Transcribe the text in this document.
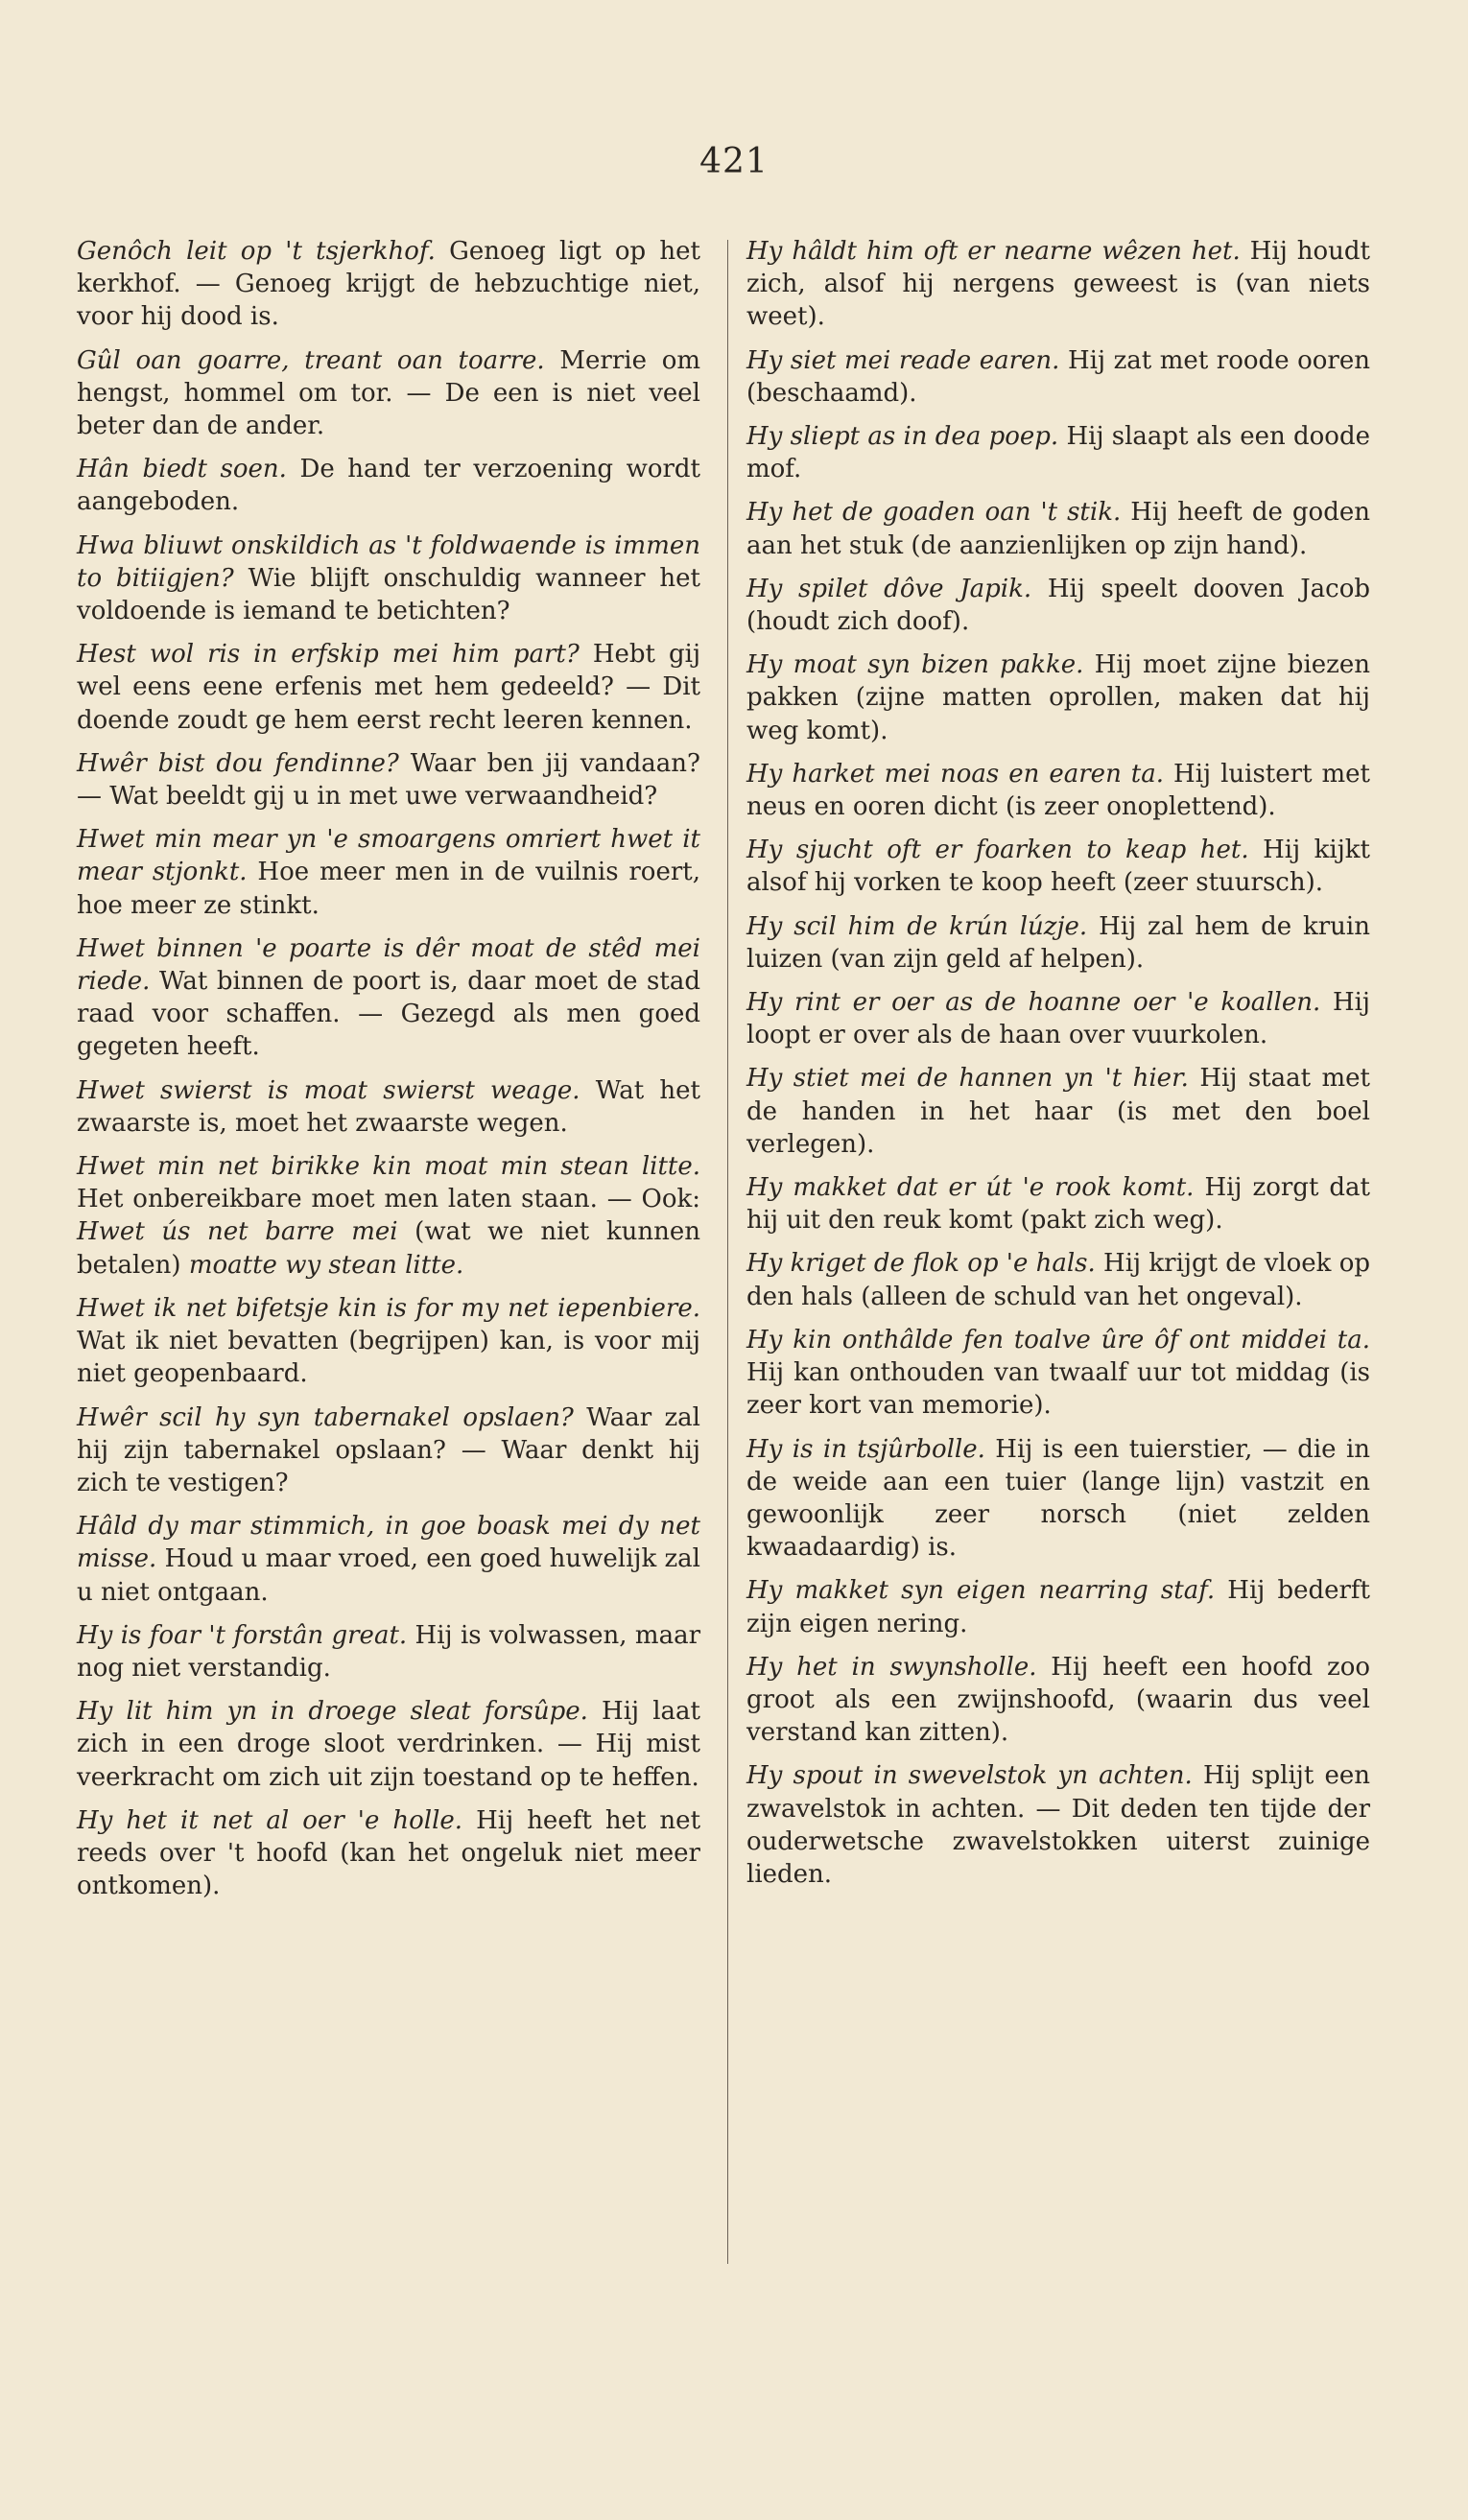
421

Genôch leit op 't tsjerkhof. Genoeg ligt op het kerkhof. — Genoeg krijgt de hebzuchtige niet, voor hij dood is.

Gûl oan goarre, treant oan toarre. Merrie om hengst, hommel om tor. — De een is niet veel beter dan de ander.

Hân biedt soen. De hand ter verzoening wordt aangeboden.

Hwa bliuwt onskildich as 't foldwaende is immen to bitiigjen? Wie blijft onschuldig wanneer het voldoende is iemand te betichten?

Hest wol ris in erfskip mei him part? Hebt gij wel eens eene erfenis met hem gedeeld? — Dit doende zoudt ge hem eerst recht leeren kennen.

Hwêr bist dou fendinne? Waar ben jij vandaan? — Wat beeldt gij u in met uwe verwaandheid?

Hwet min mear yn 'e smoargens omriert hwet it mear stjonkt. Hoe meer men in de vuilnis roert, hoe meer ze stinkt.

Hwet binnen 'e poarte is dêr moat de stêd mei riede. Wat binnen de poort is, daar moet de stad raad voor schaffen. — Gezegd als men goed gegeten heeft.

Hwet swierst is moat swierst weage. Wat het zwaarste is, moet het zwaarste wegen.

Hwet min net birikke kin moat min stean litte. Het onbereikbare moet men laten staan. — Ook: Hwet ús net barre mei (wat we niet kunnen betalen) moatte wy stean litte.

Hwet ik net bifetsje kin is for my net iepenbiere. Wat ik niet bevatten (begrijpen) kan, is voor mij niet geopenbaard.

Hwêr scil hy syn tabernakel opslaen? Waar zal hij zijn tabernakel opslaan? — Waar denkt hij zich te vestigen?

Hâld dy mar stimmich, in goe boask mei dy net misse. Houd u maar vroed, een goed huwelijk zal u niet ontgaan.

Hy is foar 't forstân great. Hij is volwassen, maar nog niet verstandig.

Hy lit him yn in droege sleat forsûpe. Hij laat zich in een droge sloot verdrinken. — Hij mist veerkracht om zich uit zijn toestand op te heffen.

Hy het it net al oer 'e holle. Hij heeft het net reeds over 't hoofd (kan het ongeluk niet meer ontkomen).

Hy hâldt him oft er nearne wêzen het. Hij houdt zich, alsof hij nergens geweest is (van niets weet).

Hy siet mei reade earen. Hij zat met roode ooren (beschaamd).

Hy sliept as in dea poep. Hij slaapt als een doode mof.

Hy het de goaden oan 't stik. Hij heeft de goden aan het stuk (de aanzienlijken op zijn hand).

Hy spilet dôve Japik. Hij speelt dooven Jacob (houdt zich doof).

Hy moat syn bizen pakke. Hij moet zijne biezen pakken (zijne matten oprollen, maken dat hij weg komt).

Hy harket mei noas en earen ta. Hij luistert met neus en ooren dicht (is zeer onoplettend).

Hy sjucht oft er foarken to keap het. Hij kijkt alsof hij vorken te koop heeft (zeer stuursch).

Hy scil him de krún lúzje. Hij zal hem de kruin luizen (van zijn geld af helpen).

Hy rint er oer as de hoanne oer 'e koallen. Hij loopt er over als de haan over vuurkolen.

Hy stiet mei de hannen yn 't hier. Hij staat met de handen in het haar (is met den boel verlegen).

Hy makket dat er út 'e rook komt. Hij zorgt dat hij uit den reuk komt (pakt zich weg).

Hy kriget de flok op 'e hals. Hij krijgt de vloek op den hals (alleen de schuld van het ongeval).

Hy kin onthâlde fen toalve ûre ôf ont middei ta. Hij kan onthouden van twaalf uur tot middag (is zeer kort van memorie).

Hy is in tsjûrbolle. Hij is een tuierstier, — die in de weide aan een tuier (lange lijn) vastzit en gewoonlijk zeer norsch (niet zelden kwaadaardig) is.

Hy makket syn eigen nearring staf. Hij bederft zijn eigen nering.

Hy het in swynsholle. Hij heeft een hoofd zoo groot als een zwijnshoofd, (waarin dus veel verstand kan zitten).

Hy spout in swevelstok yn achten. Hij splijt een zwavelstok in achten. — Dit deden ten tijde der ouderwetsche zwavelstokken uiterst zuinige lieden.
